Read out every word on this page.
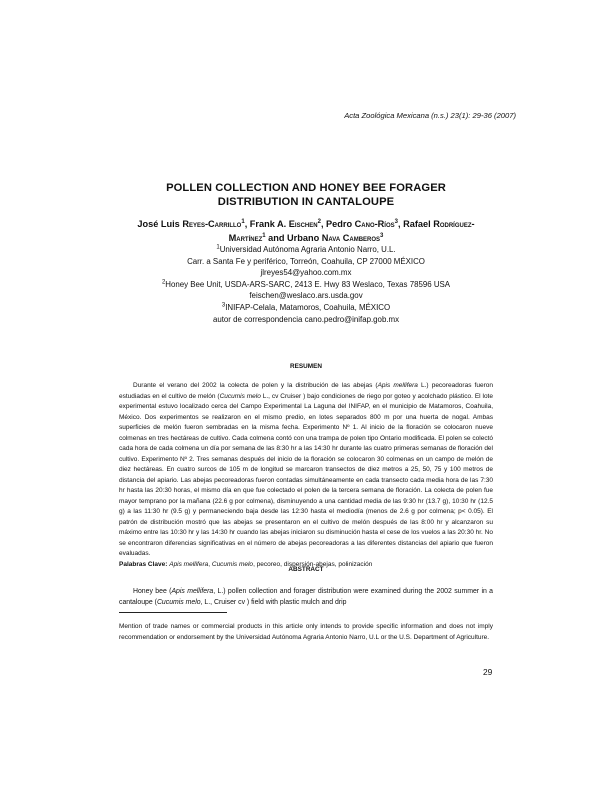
Acta Zoológica Mexicana (n.s.) 23(1): 29-36 (2007)
POLLEN COLLECTION AND HONEY BEE FORAGER
DISTRIBUTION IN CANTALOUPE
José Luis Reyes-Carrillo$^1$, Frank A. Eischen$^2$, Pedro Cano-Ríos$^3$, Rafael Rodríguez-
Martínez$^1$ and Urbano Nava Camberos$^3$
$^1$Universidad Autónoma Agraria Antonio Narro, U.L.
Carr. a Santa Fe y periférico, Torreón, Coahuila, CP 27000 MÉXICO
jlreyes54@yahoo.com.mx
$^2$Honey Bee Unit, USDA-ARS-SARC, 2413 E. Hwy 83 Weslaco, Texas 78596 USA
feischen@weslaco.ars.usda.gov
$^3$INIFAP-Celala, Matamoros, Coahuila, MÉXICO
autor de correspondencia cano.pedro@inifap.gob.mx
RESUMEN

Durante el verano del 2002 la colecta de polen y la distribución de las abejas (Apis mellifera L.) pecoreadoras fueron estudiadas en el cultivo de melón (Cucumis melo L., cv Cruiser ) bajo condiciones de riego por goteo y acolchado plástico. El lote experimental estuvo localizado cerca del Campo Experimental La Laguna del INIFAP, en el municipio de Matamoros, Coahuila, México. Dos experimentos se realizaron en el mismo predio, en lotes separados 800 m por una huerta de nogal. Ambas superficies de melón fueron sembradas en la misma fecha. Experimento Nº 1. Al inicio de la floración se colocaron nueve colmenas en tres hectáreas de cultivo. Cada colmena contó con una trampa de polen tipo Ontario modificada. El polen se colectó cada hora de cada colmena un día por semana de las 8:30 hr a las 14:30 hr durante las cuatro primeras semanas de floración del cultivo. Experimento Nº 2. Tres semanas después del inicio de la floración se colocaron 30 colmenas en un campo de melón de diez hectáreas. En cuatro surcos de 105 m de longitud se marcaron transectos de diez metros a 25, 50, 75 y 100 metros de distancia del apiario. Las abejas pecoreadoras fueron contadas simultáneamente en cada transecto cada media hora de las 7:30 hr hasta las 20:30 horas, el mismo día en que fue colectado el polen de la tercera semana de floración. La colecta de polen fue mayor temprano por la mañana (22.6 g por colmena), disminuyendo a una cantidad media de las 9:30 hr (13.7 g), 10:30 hr (12.5 g) a las 11:30 hr (9.5 g) y permaneciendo baja desde las 12:30 hasta el mediodía (menos de 2.6 g por colmena; p< 0.05). El patrón de distribución mostró que las abejas se presentaron en el cultivo de melón después de las 8:00 hr y alcanzaron su máximo entre las 10:30 hr y las 14:30 hr cuando las abejas iniciaron su disminución hasta el cese de los vuelos a las 20:30 hr. No se encontraron diferencias significativas en el número de abejas pecoreadoras a las diferentes distancias del apiario que fueron evaluadas.

Palabras Clave: Apis mellifera, Cucumis melo, pecoreo, dispersión-abejas, polinización
ABSTRACT

Honey bee (Apis mellifera, L.) pollen collection and forager distribution were examined during the 2002 summer in a cantaloupe (Cucumis melo, L., Cruiser cv ) field with plastic mulch and drip

Mention of trade names or commercial products in this article only intends to provide specific information and does not imply recommendation or endorsement by the Universidad Autónoma Agraria Antonio Narro, U.L or the U.S. Department of Agriculture.
29
